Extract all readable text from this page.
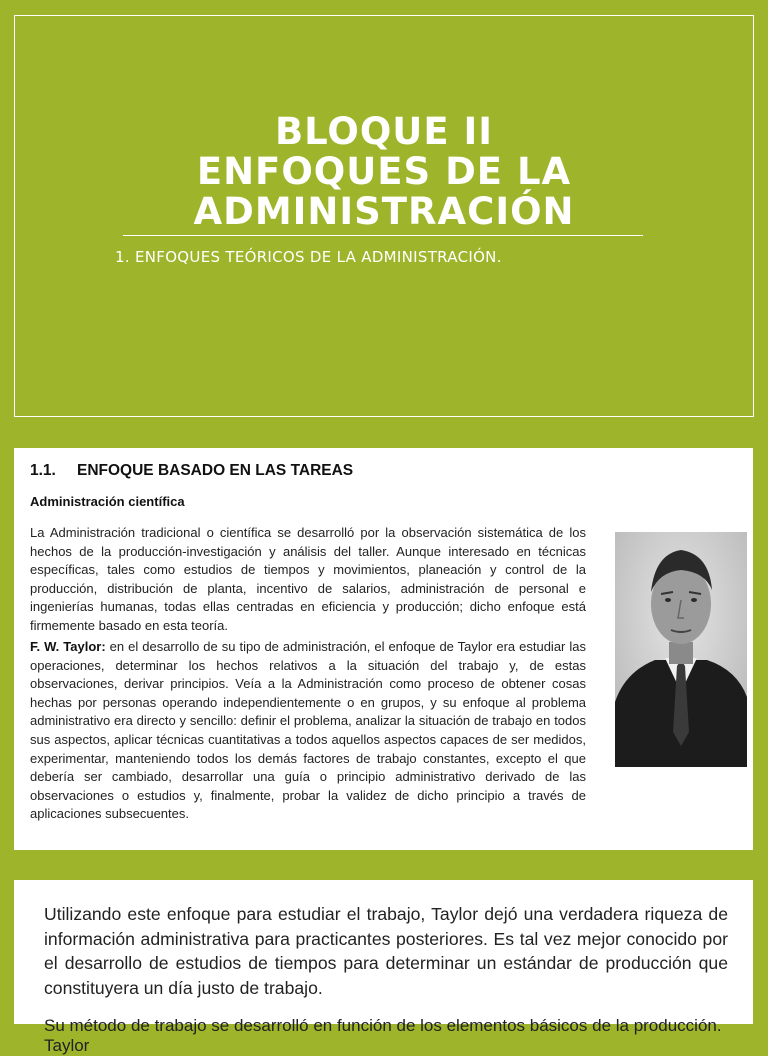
BLOQUE II
ENFOQUES DE LA
ADMINISTRACIÓN
1. ENFOQUES TEÓRICOS DE LA ADMINISTRACIÓN.
1.1. ENFOQUE BASADO EN LAS TAREAS
Administración científica
La Administración tradicional o científica se desarrolló por la observación sistemática de los hechos de la producción-investigación y análisis del taller. Aunque interesado en técnicas específicas, tales como estudios de tiempos y movimientos, planeación y control de la producción, distribución de planta, incentivo de salarios, administración de personal e ingenierías humanas, todas ellas centradas en eficiencia y producción; dicho enfoque está firmemente basado en esta teoría.
F. W. Taylor: en el desarrollo de su tipo de administración, el enfoque de Taylor era estudiar las operaciones, determinar los hechos relativos a la situación del trabajo y, de estas observaciones, derivar principios. Veía a la Administración como proceso de obtener cosas hechas por personas operando independientemente o en grupos, y su enfoque al problema administrativo era directo y sencillo: definir el problema, analizar la situación de trabajo en todos sus aspectos, aplicar técnicas cuantitativas a todos aquellos aspectos capaces de ser medidos, experimentar, manteniendo todos los demás factores de trabajo constantes, excepto el que debería ser cambiado, desarrollar una guía o principio administrativo derivado de las observaciones o estudios y, finalmente, probar la validez de dicho principio a través de aplicaciones subsecuentes.
Utilizando este enfoque para estudiar el trabajo, Taylor dejó una verdadera riqueza de información administrativa para practicantes posteriores. Es tal vez mejor conocido por el desarrollo de estudios de tiempos para determinar un estándar de producción que constituyera un día justo de trabajo.
Su método de trabajo se desarrolló en función de los elementos básicos de la producción. Taylor
